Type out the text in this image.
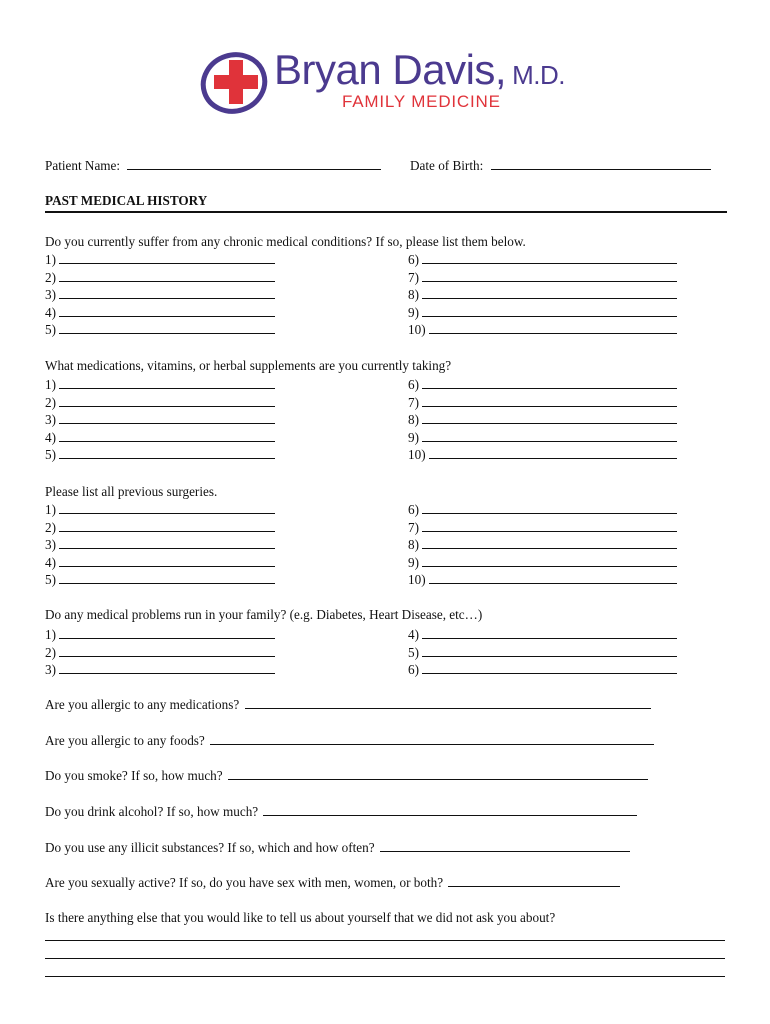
Bryan Davis, M.D.
FAMILY MEDICINE
Patient Name:	Date of Birth:
PAST MEDICAL HISTORY
Do you currently suffer from any chronic medical conditions? If so, please list them below.
1)
2)
3)
4)
5)
6)
7)
8)
9)
10)
What medications, vitamins, or herbal supplements are you currently taking?
1)
2)
3)
4)
5)
6)
7)
8)
9)
10)
Please list all previous surgeries.
1)
2)
3)
4)
5)
6)
7)
8)
9)
10)
Do any medical problems run in your family? (e.g. Diabetes, Heart Disease, etc…)
1)
2)
3)
4)
5)
6)
Are you allergic to any medications?
Are you allergic to any foods?
Do you smoke? If so, how much?
Do you drink alcohol? If so, how much?
Do you use any illicit substances? If so, which and how often?
Are you sexually active? If so, do you have sex with men, women, or both?
Is there anything else that you would like to tell us about yourself that we did not ask you about?
